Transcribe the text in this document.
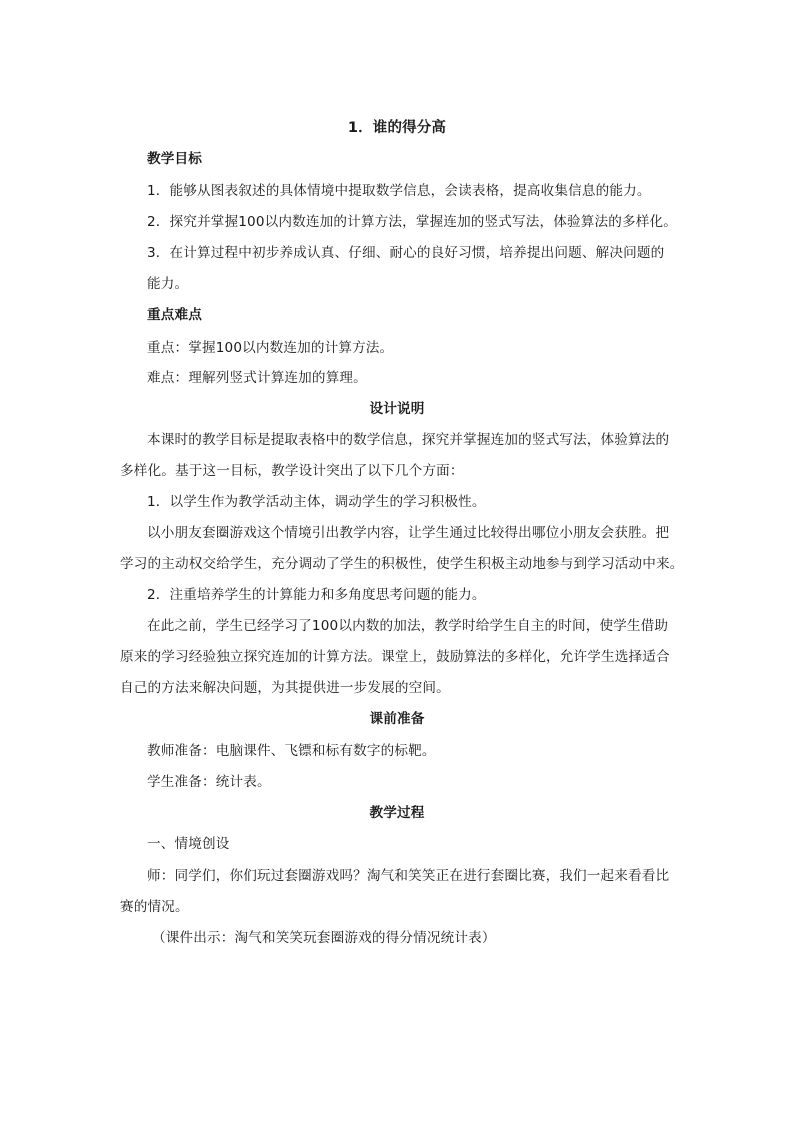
1．谁的得分高
教学目标
1．能够从图表叙述的具体情境中提取数学信息，会读表格，提高收集信息的能力。
2．探究并掌握100以内数连加的计算方法，掌握连加的竖式写法，体验算法的多样化。
3．在计算过程中初步养成认真、仔细、耐心的良好习惯，培养提出问题、解决问题的
能力。
重点难点
重点：掌握100以内数连加的计算方法。
难点：理解列竖式计算连加的算理。
设计说明
本课时的教学目标是提取表格中的数学信息，探究并掌握连加的竖式写法，体验算法的
多样化。基于这一目标，教学设计突出了以下几个方面：
1．以学生作为教学活动主体，调动学生的学习积极性。
以小朋友套圈游戏这个情境引出教学内容，让学生通过比较得出哪位小朋友会获胜。把
学习的主动权交给学生，充分调动了学生的积极性，使学生积极主动地参与到学习活动中来。
2．注重培养学生的计算能力和多角度思考问题的能力。
在此之前，学生已经学习了100以内数的加法，教学时给学生自主的时间，使学生借助
原来的学习经验独立探究连加的计算方法。课堂上，鼓励算法的多样化，允许学生选择适合
自己的方法来解决问题，为其提供进一步发展的空间。
课前准备
教师准备：电脑课件、飞镖和标有数字的标靶。
学生准备：统计表。
教学过程
一、情境创设
师：同学们，你们玩过套圈游戏吗？淘气和笑笑正在进行套圈比赛，我们一起来看看比
赛的情况。
（课件出示：淘气和笑笑玩套圈游戏的得分情况统计表）
